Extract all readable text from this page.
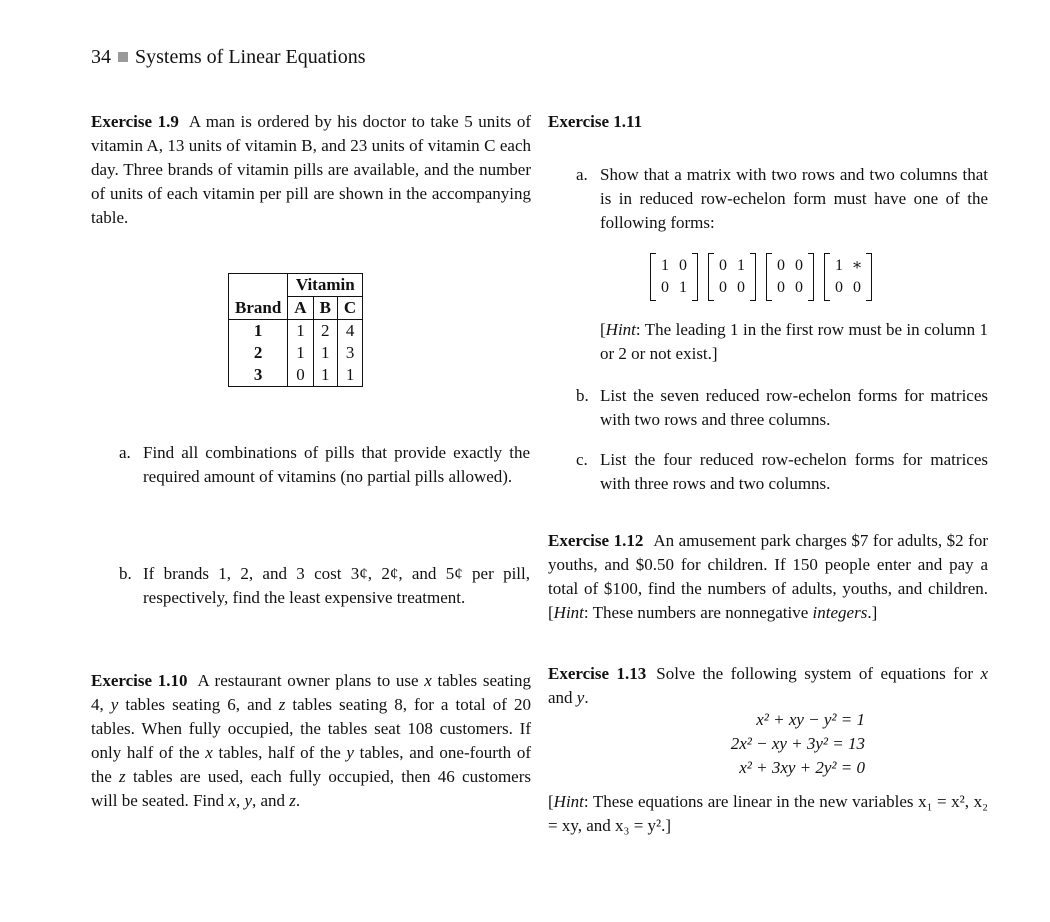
34 Systems of Linear Equations
Exercise 1.9 A man is ordered by his doctor to take 5 units of vitamin A, 13 units of vitamin B, and 23 units of vitamin C each day. Three brands of vitamin pills are available, and the number of units of each vitamin per pill are shown in the accompanying table.
	Vitamin		
Brand	A	B	C
1	1	2	4
2	1	1	3
3	0	1	1
a. Find all combinations of pills that provide exactly the required amount of vitamins (no partial pills allowed).
b. If brands 1, 2, and 3 cost 3¢, 2¢, and 5¢ per pill, respectively, find the least expensive treatment.
Exercise 1.10 A restaurant owner plans to use x tables seating 4, y tables seating 6, and z tables seating 8, for a total of 20 tables. When fully occupied, the tables seat 108 customers. If only half of the x tables, half of the y tables, and one-fourth of the z tables are used, each fully occupied, then 46 customers will be seated. Find x, y, and z.
Exercise 1.11
a. Show that a matrix with two rows and two columns that is in reduced row-echelon form must have one of the following forms:
1 0
0 1
0 1
0 0
0 0
0 0
1 ∗
0 0
[Hint: The leading 1 in the first row must be in column 1 or 2 or not exist.]
b. List the seven reduced row-echelon forms for matrices with two rows and three columns.
c. List the four reduced row-echelon forms for matrices with three rows and two columns.
Exercise 1.12 An amusement park charges $7 for adults, $2 for youths, and $0.50 for children. If 150 people enter and pay a total of $100, find the numbers of adults, youths, and children. [Hint: These numbers are nonnegative integers.]
Exercise 1.13 Solve the following system of equations for x and y.
x² + xy − y² = 1
2x² − xy + 3y² = 13
x² + 3xy + 2y² = 0
[Hint: These equations are linear in the new variables x₁ = x², x₂ = xy, and x₃ = y².]
